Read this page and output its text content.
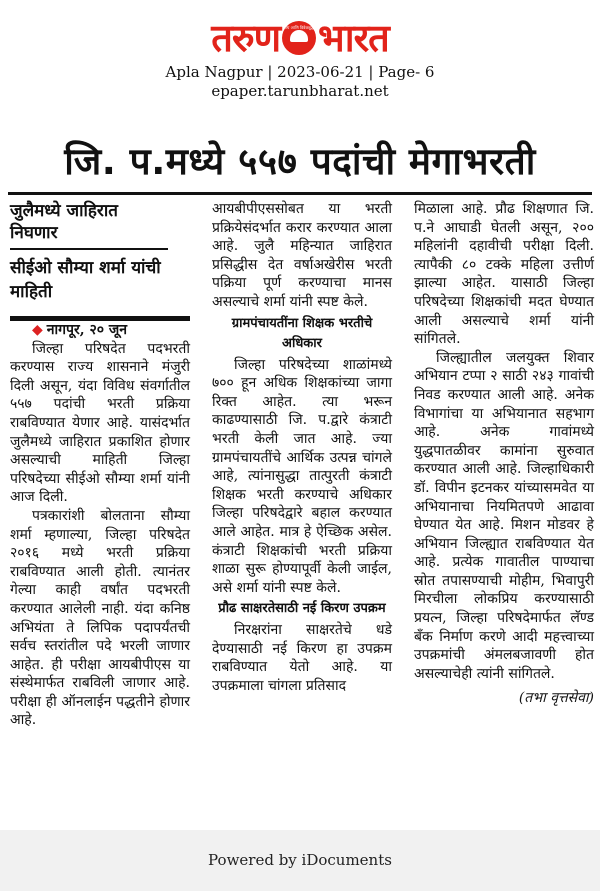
तरुण सत्य आणि विवेकबुद्धी भारत
Apla Nagpur | 2023-06-21 | Page- 6
epaper.tarunbharat.net
जि. प.मध्ये ५५७ पदांची मेगाभरती
जुलैमध्ये जाहिरात निघणार
सीईओ सौम्या शर्मा यांची माहिती

◆ नागपूर, २० जून

जिल्हा परिषदेत पदभरती करण्यास राज्य शासनाने मंजुरी दिली असून, यंदा विविध संवर्गातील ५५७ पदांची भरती प्रक्रिया राबविण्यात येणार आहे. यासंदर्भात जुलैमध्ये जाहिरात प्रकाशित होणार असल्याची माहिती जिल्हा परिषदेच्या सीईओ सौम्या शर्मा यांनी आज दिली.

पत्रकारांशी बोलताना सौम्या शर्मा म्हणाल्या, जिल्हा परिषदेत २०१६ मध्ये भरती प्रक्रिया राबविण्यात आली होती. त्यानंतर गेल्या काही वर्षांत पदभरती करण्यात आलेली नाही. यंदा कनिष्ठ अभियंता ते लिपिक पदापर्यंतची सर्वच स्तरांतील पदे भरली जाणार आहेत. ही परीक्षा आयबीपीएस या संस्थेमार्फत राबविली जाणार आहे. परीक्षा ही ऑनलाईन पद्धतीने होणार आहे.

आयबीपीएससोबत या भरती प्रक्रियेसंदर्भात करार करण्यात आला आहे. जुलै महिन्यात जाहिरात प्रसिद्धीस देत वर्षाअखेरीस भरती पक्रिया पूर्ण करण्याचा मानस असल्याचे शर्मा यांनी स्पष्ट केले.

ग्रामपंचायतींना शिक्षक भरतीचे अधिकार

जिल्हा परिषदेच्या शाळांमध्ये ७०० हून अधिक शिक्षकांच्या जागा रिक्त आहेत. त्या भरून काढण्यासाठी जि. प.द्वारे कंत्राटी भरती केली जात आहे. ज्या ग्रामपंचायतींचे आर्थिक उत्पन्न चांगले आहे, त्यांनासुद्धा तात्पुरती कंत्राटी शिक्षक भरती करण्याचे अधिकार जिल्हा परिषदेद्वारे बहाल करण्यात आले आहेत. मात्र हे ऐच्छिक असेल. कंत्राटी शिक्षकांची भरती प्रक्रिया शाळा सुरू होण्यापूर्वी केली जाईल, असे शर्मा यांनी स्पष्ट केले.

प्रौढ साक्षरतेसाठी नई किरण उपक्रम

निरक्षरांना साक्षरतेचे धडे देण्यासाठी नई किरण हा उपक्रम राबविण्यात येतो आहे. या उपक्रमाला चांगला प्रतिसाद

मिळाला आहे. प्रौढ शिक्षणात जि. प.ने आघाडी घेतली असून, २०० महिलांनी दहावीची परीक्षा दिली. त्यापैकी ८० टक्के महिला उत्तीर्ण झाल्या आहेत. यासाठी जिल्हा परिषदेच्या शिक्षकांची मदत घेण्यात आली असल्याचे शर्मा यांनी सांगितले.

जिल्ह्यातील जलयुक्त शिवार अभियान टप्पा २ साठी २४३ गावांची निवड करण्यात आली आहे. अनेक विभागांचा या अभियानात सहभाग आहे. अनेक गावांमध्ये युद्धपातळीवर कामांना सुरुवात करण्यात आली आहे. जिल्हाधिकारी डॉ. विपीन इटनकर यांच्यासमवेत या अभियानाचा नियमितपणे आढावा घेण्यात येत आहे. मिशन मोडवर हे अभियान जिल्ह्यात राबविण्यात येत आहे. प्रत्येक गावातील पाण्याचा स्रोत तपासण्याची मोहीम, भिवापुरी मिरचीला लोकप्रिय करण्यासाठी प्रयत्न, जिल्हा परिषदेमार्फत लॅण्ड बँक निर्माण करणे आदी महत्त्वाच्या उपक्रमांची अंमलबजावणी होत असल्याचेही त्यांनी सांगितले.

(तभा वृत्तसेवा)
Powered by iDocuments
